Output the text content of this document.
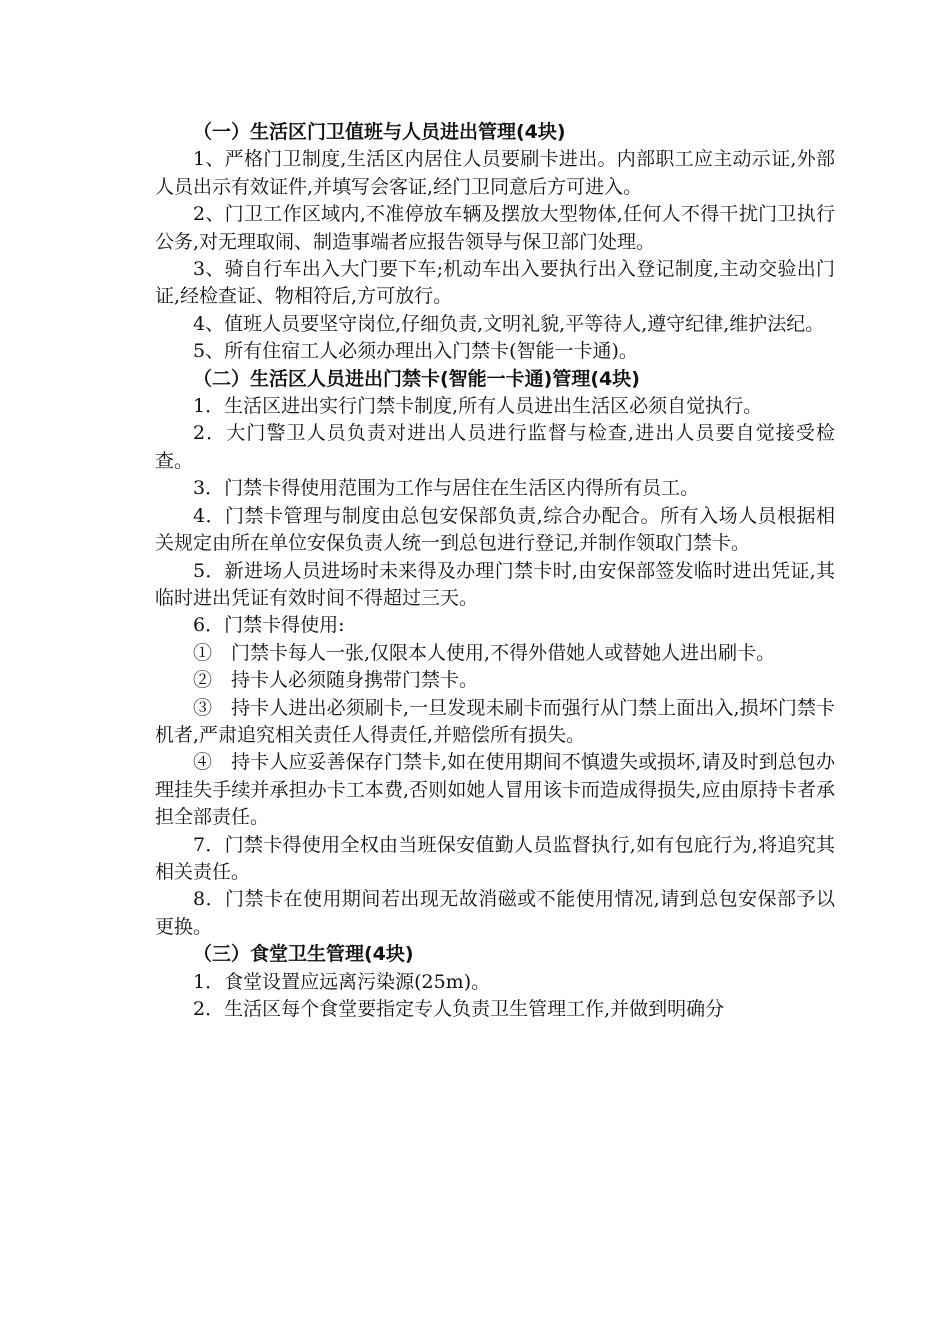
（一）生活区门卫值班与人员进出管理(4块)

1、严格门卫制度,生活区内居住人员要刷卡进出。内部职工应主动示证,外部人员出示有效证件,并填写会客证,经门卫同意后方可进入。

2、门卫工作区域内,不准停放车辆及摆放大型物体,任何人不得干扰门卫执行公务,对无理取闹、制造事端者应报告领导与保卫部门处理。

3、骑自行车出入大门要下车;机动车出入要执行出入登记制度,主动交验出门证,经检查证、物相符后,方可放行。

4、值班人员要坚守岗位,仔细负责,文明礼貌,平等待人,遵守纪律,维护法纪。

5、所有住宿工人必须办理出入门禁卡(智能一卡通)。

（二）生活区人员进出门禁卡(智能一卡通)管理(4块)

1．生活区进出实行门禁卡制度,所有人员进出生活区必须自觉执行。

2．大门警卫人员负责对进出人员进行监督与检查,进出人员要自觉接受检查。

3．门禁卡得使用范围为工作与居住在生活区内得所有员工。

4．门禁卡管理与制度由总包安保部负责,综合办配合。所有入场人员根据相关规定由所在单位安保负责人统一到总包进行登记,并制作领取门禁卡。

5．新进场人员进场时未来得及办理门禁卡时,由安保部签发临时进出凭证,其临时进出凭证有效时间不得超过三天。

6．门禁卡得使用:

①　门禁卡每人一张,仅限本人使用,不得外借她人或替她人进出刷卡。

②　持卡人必须随身携带门禁卡。

③　持卡人进出必须刷卡,一旦发现未刷卡而强行从门禁上面出入,损坏门禁卡机者,严肃追究相关责任人得责任,并赔偿所有损失。

④　持卡人应妥善保存门禁卡,如在使用期间不慎遗失或损坏,请及时到总包办理挂失手续并承担办卡工本费,否则如她人冒用该卡而造成得损失,应由原持卡者承担全部责任。

7．门禁卡得使用全权由当班保安值勤人员监督执行,如有包庇行为,将追究其相关责任。

8．门禁卡在使用期间若出现无故消磁或不能使用情况,请到总包安保部予以更换。

（三）食堂卫生管理(4块)

1．食堂设置应远离污染源(25m)。

2．生活区每个食堂要指定专人负责卫生管理工作,并做到明确分
